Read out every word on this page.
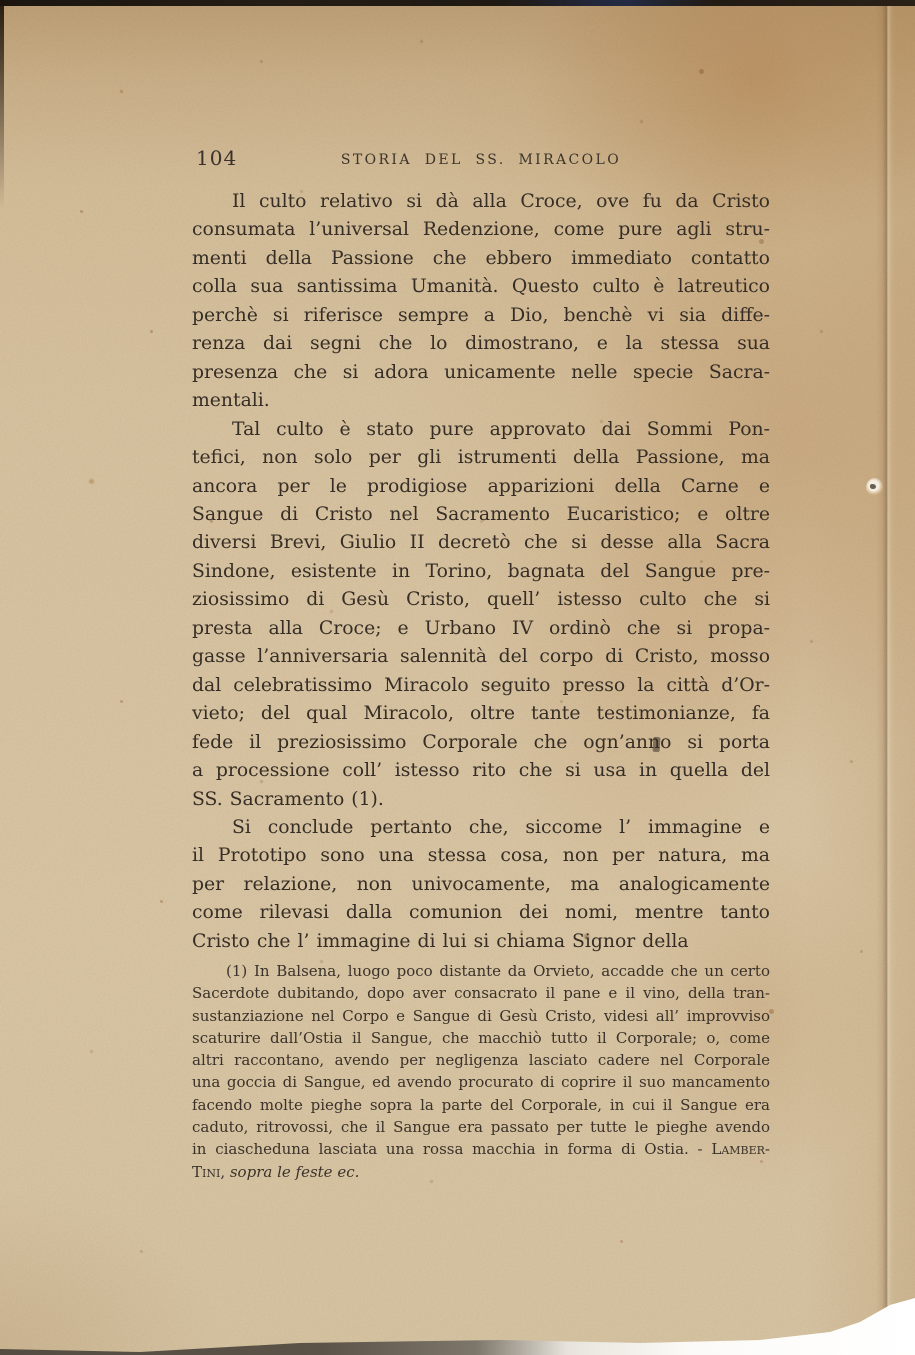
104	STORIA DEL SS. MIRACOLO
Il culto relativo si dà alla Croce, ove fu da Cristo
consumata l’universal Redenzione, come pure agli stru-
menti della Passione che ebbero immediato contatto
colla sua santissima Umanità. Questo culto è latreutico
perchè si riferisce sempre a Dio, benchè vi sia diffe-
renza dai segni che lo dimostrano, e la stessa sua
presenza che si adora unicamente nelle specie Sacra-
mentali.
Tal culto è stato pure approvato dai Sommi Pon-
tefici, non solo per gli istrumenti della Passione, ma
ancora per le prodigiose apparizioni della Carne e
Sangue di Cristo nel Sacramento Eucaristico; e oltre
diversi Brevi, Giulio II decretò che si desse alla Sacra
Sindone, esistente in Torino, bagnata del Sangue pre-
ziosissimo di Gesù Cristo, quell’ istesso culto che si
presta alla Croce; e Urbano IV ordinò che si propa-
gasse l’anniversaria salennità del corpo di Cristo, mosso
dal celebratissimo Miracolo seguito presso la città d’Or-
vieto; del qual Miracolo, oltre tante testimonianze, fa
fede il preziosissimo Corporale che ogn’anno si porta
a processione coll’ istesso rito che si usa in quella del
SS. Sacramento (1).
Si conclude pertanto che, siccome l’ immagine e
il Prototipo sono una stessa cosa, non per natura, ma
per relazione, non univocamente, ma analogicamente
come rilevasi dalla comunion dei nomi, mentre tanto
Cristo che l’ immagine di lui si chiama Signor della
(1) In Balsena, luogo poco distante da Orvieto, accadde che un certo
Sacerdote dubitando, dopo aver consacrato il pane e il vino, della tran-
sustanziazione nel Corpo e Sangue di Gesù Cristo, videsi all’ improvviso
scaturire dall’Ostia il Sangue, che macchiò tutto il Corporale; o, come
altri raccontano, avendo per negligenza lasciato cadere nel Corporale
una goccia di Sangue, ed avendo procurato di coprire il suo mancamento
facendo molte pieghe sopra la parte del Corporale, in cui il Sangue era
caduto, ritrovossi, che il Sangue era passato per tutte le pieghe avendo
in ciascheduna lasciata una rossa macchia in forma di Ostia. - Lamber-
Tini, sopra le feste ec.
